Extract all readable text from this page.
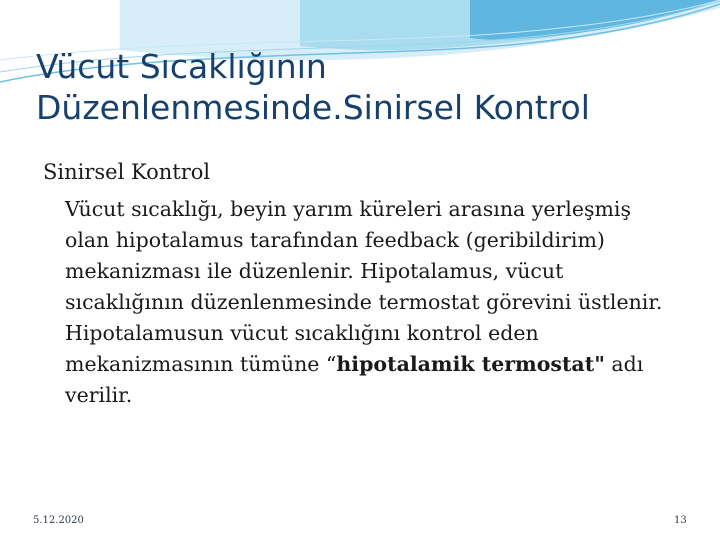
Vücut Sıcaklığının
Düzenlenmesinde.Sinirsel Kontrol

Sinirsel Kontrol

Vücut sıcaklığı, beyin yarım küreleri arasına yerleşmiş olan hipotalamus tarafından feedback (geribildirim) mekanizması ile düzenlenir. Hipotalamus, vücut sıcaklığının düzenlenmesinde termostat görevini üstlenir. Hipotalamusun vücut sıcaklığını kontrol eden mekanizmasının tümüne “hipotalamik termostat" adı verilir.

5.12.2020	13
